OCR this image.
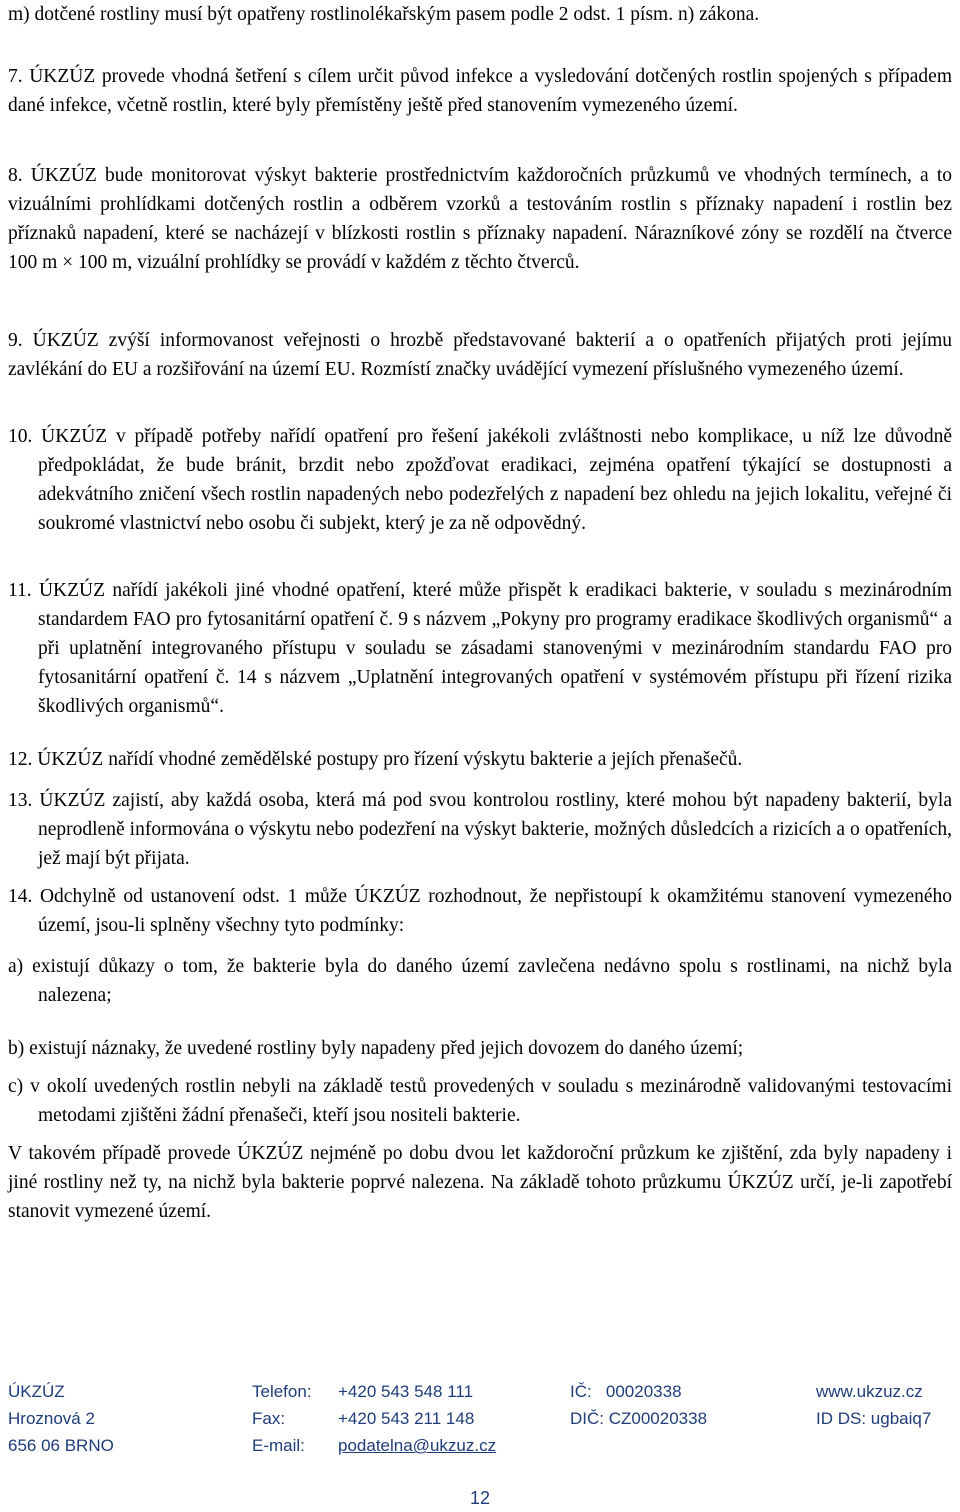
m) dotčené rostliny musí být opatřeny rostlinolékařským pasem podle 2 odst. 1 písm. n) zákona.

7. ÚKZÚZ provede vhodná šetření s cílem určit původ infekce a vysledování dotčených rostlin spojených s případem dané infekce, včetně rostlin, které byly přemístěny ještě před stanovením vymezeného území.

8. ÚKZÚZ bude monitorovat výskyt bakterie prostřednictvím každoročních průzkumů ve vhodných termínech, a to vizuálními prohlídkami dotčených rostlin a odběrem vzorků a testováním rostlin s příznaky napadení i rostlin bez příznaků napadení, které se nacházejí v blízkosti rostlin s příznaky napadení. Nárazníkové zóny se rozdělí na čtverce 100 m × 100 m, vizuální prohlídky se provádí v každém z těchto čtverců.

9. ÚKZÚZ zvýší informovanost veřejnosti o hrozbě představované bakterií a o opatřeních přijatých proti jejímu zavlékání do EU a rozšiřování na území EU. Rozmístí značky uvádějící vymezení příslušného vymezeného území.

10. ÚKZÚZ v případě potřeby nařídí opatření pro řešení jakékoli zvláštnosti nebo komplikace, u níž lze důvodně předpokládat, že bude bránit, brzdit nebo zpožďovat eradikaci, zejména opatření týkající se dostupnosti a adekvátního zničení všech rostlin napadených nebo podezřelých z napadení bez ohledu na jejich lokalitu, veřejné či soukromé vlastnictví nebo osobu či subjekt, který je za ně odpovědný.

11. ÚKZÚZ nařídí jakékoli jiné vhodné opatření, které může přispět k eradikaci bakterie, v souladu s mezinárodním standardem FAO pro fytosanitární opatření č. 9 s názvem „Pokyny pro programy eradikace škodlivých organismů“ a při uplatnění integrovaného přístupu v souladu se zásadami stanovenými v mezinárodním standardu FAO pro fytosanitární opatření č. 14 s názvem „Uplatnění integrovaných opatření v systémovém přístupu při řízení rizika škodlivých organismů“.

12. ÚKZÚZ nařídí vhodné zemědělské postupy pro řízení výskytu bakterie a jejích přenašečů.

13. ÚKZÚZ zajistí, aby každá osoba, která má pod svou kontrolou rostliny, které mohou být napadeny bakterií, byla neprodleně informována o výskytu nebo podezření na výskyt bakterie, možných důsledcích a rizicích a o opatřeních, jež mají být přijata.

14. Odchylně od ustanovení odst. 1 může ÚKZÚZ rozhodnout, že nepřistoupí k okamžitému stanovení vymezeného území, jsou-li splněny všechny tyto podmínky:

a) existují důkazy o tom, že bakterie byla do daného území zavlečena nedávno spolu s rostlinami, na nichž byla nalezena;

b) existují náznaky, že uvedené rostliny byly napadeny před jejich dovozem do daného území;

c) v okolí uvedených rostlin nebyli na základě testů provedených v souladu s mezinárodně validovanými testovacími metodami zjištěni žádní přenašeči, kteří jsou nositeli bakterie.

V takovém případě provede ÚKZÚZ nejméně po dobu dvou let každoroční průzkum ke zjištění, zda byly napadeny i jiné rostliny než ty, na nichž byla bakterie poprvé nalezena. Na základě tohoto průzkumu ÚKZÚZ určí, je-li zapotřebí stanovit vymezené území.

ÚKZÚZ
Hroznová 2
656 06 BRNO
Telefon: +420 543 548 111
Fax:	+420 543 211 148
E-mail: podatelna@ukzuz.cz
IČ:   00020338
DIČ: CZ00020338
www.ukzuz.cz
ID DS: ugbaiq7
12
